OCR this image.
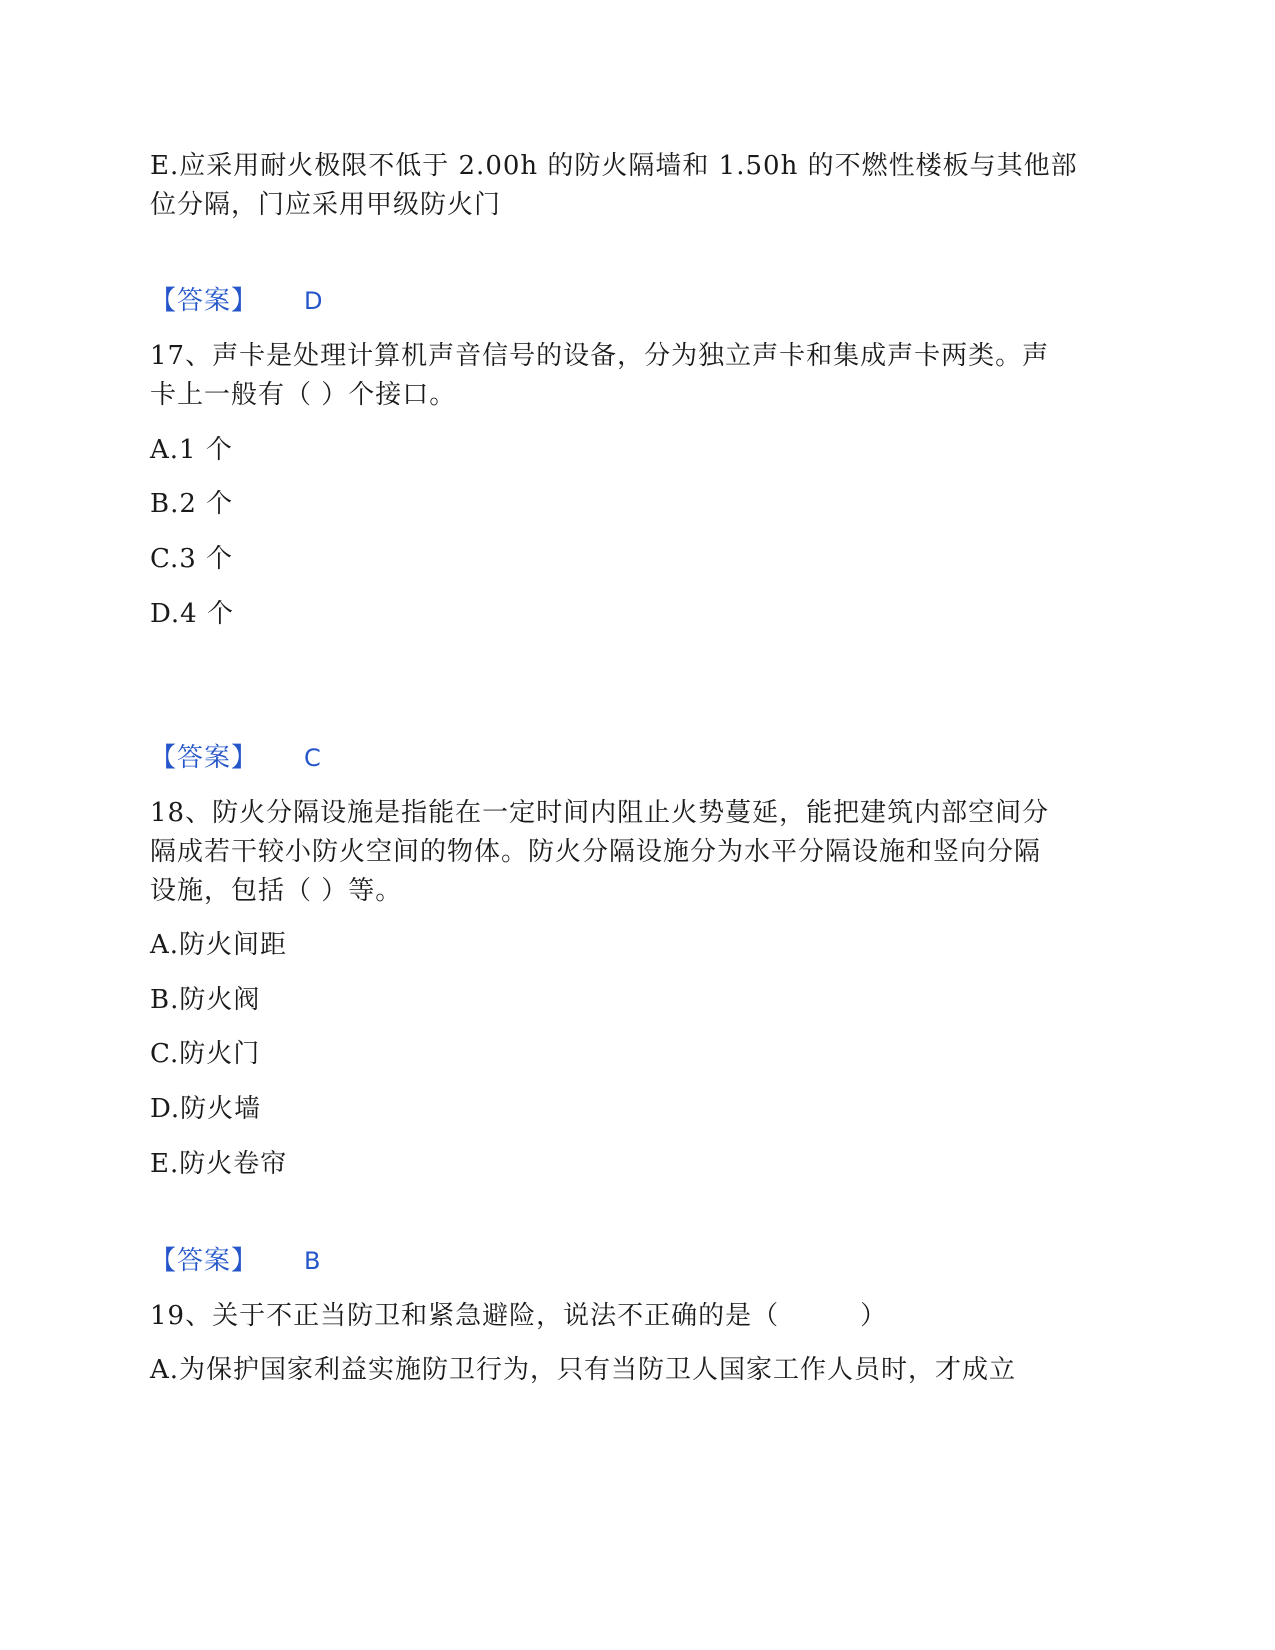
E.应采用耐火极限不低于 2.00h 的防火隔墙和 1.50h 的不燃性楼板与其他部
位分隔，门应采用甲级防火门
【答案】 D
17、声卡是处理计算机声音信号的设备，分为独立声卡和集成声卡两类。声
卡上一般有（ ）个接口。
A.1 个
B.2 个
C.3 个
D.4 个
【答案】 C
18、防火分隔设施是指能在一定时间内阻止火势蔓延，能把建筑内部空间分
隔成若干较小防火空间的物体。防火分隔设施分为水平分隔设施和竖向分隔
设施，包括（ ）等。
A.防火间距
B.防火阀
C.防火门
D.防火墙
E.防火卷帘
【答案】 B
19、关于不正当防卫和紧急避险，说法不正确的是（　　　）
A.为保护国家利益实施防卫行为，只有当防卫人国家工作人员时，才成立
